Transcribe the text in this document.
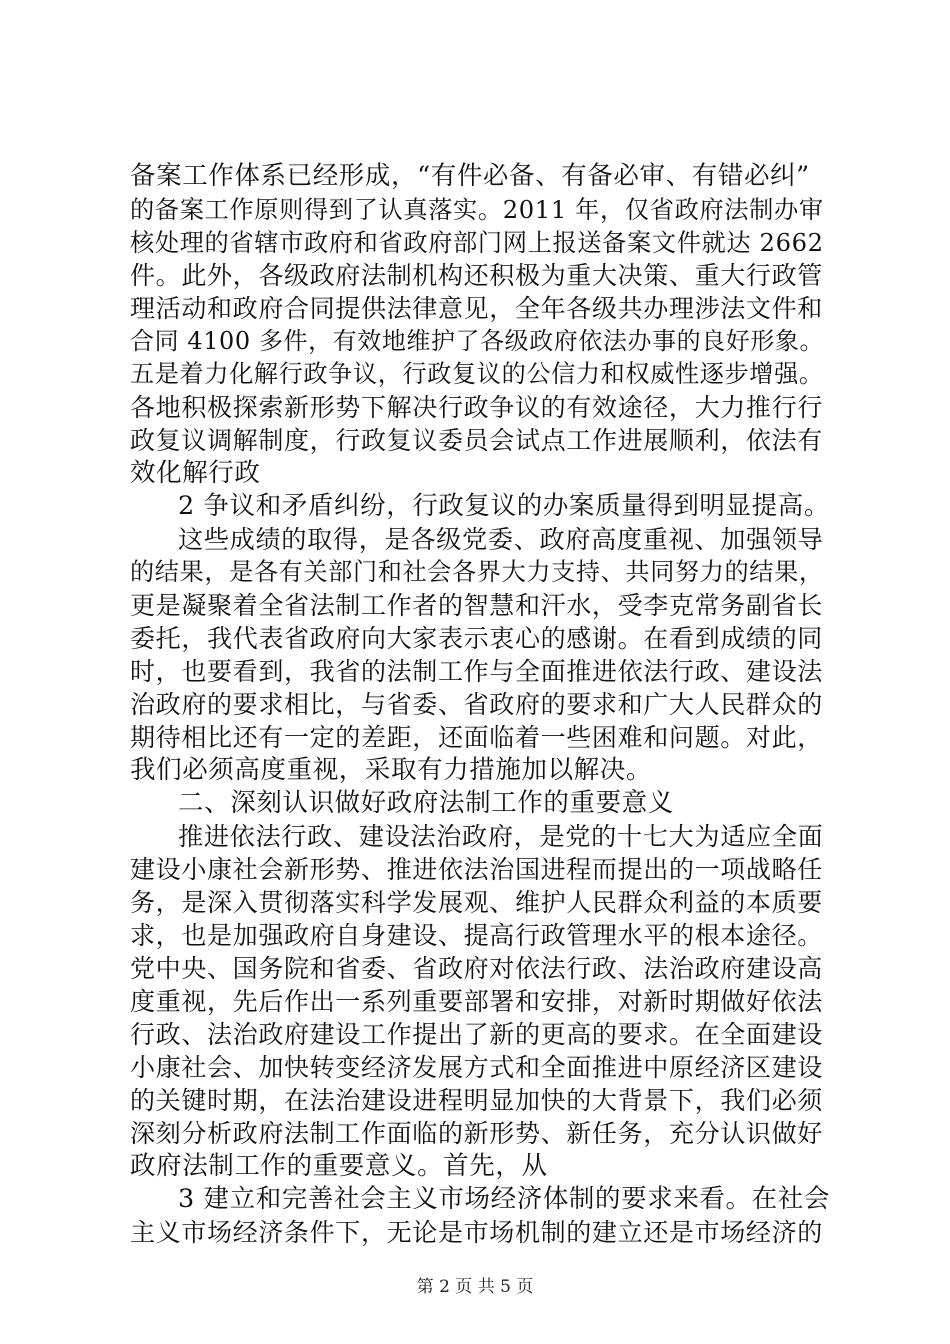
备案工作体系已经形成，“有件必备、有备必审、有错必纠”
的备案工作原则得到了认真落实。2011 年，仅省政府法制办审
核处理的省辖市政府和省政府部门网上报送备案文件就达 2662
件。此外，各级政府法制机构还积极为重大决策、重大行政管
理活动和政府合同提供法律意见，全年各级共办理涉法文件和
合同 4100 多件，有效地维护了各级政府依法办事的良好形象。
五是着力化解行政争议，行政复议的公信力和权威性逐步增强。
各地积极探索新形势下解决行政争议的有效途径，大力推行行
政复议调解制度，行政复议委员会试点工作进展顺利，依法有
效化解行政
2 争议和矛盾纠纷，行政复议的办案质量得到明显提高。
这些成绩的取得，是各级党委、政府高度重视、加强领导
的结果，是各有关部门和社会各界大力支持、共同努力的结果，
更是凝聚着全省法制工作者的智慧和汗水，受李克常务副省长
委托，我代表省政府向大家表示衷心的感谢。在看到成绩的同
时，也要看到，我省的法制工作与全面推进依法行政、建设法
治政府的要求相比，与省委、省政府的要求和广大人民群众的
期待相比还有一定的差距，还面临着一些困难和问题。对此，
我们必须高度重视，采取有力措施加以解决。
二、深刻认识做好政府法制工作的重要意义
推进依法行政、建设法治政府，是党的十七大为适应全面
建设小康社会新形势、推进依法治国进程而提出的一项战略任
务，是深入贯彻落实科学发展观、维护人民群众利益的本质要
求，也是加强政府自身建设、提高行政管理水平的根本途径。
党中央、国务院和省委、省政府对依法行政、法治政府建设高
度重视，先后作出一系列重要部署和安排，对新时期做好依法
行政、法治政府建设工作提出了新的更高的要求。在全面建设
小康社会、加快转变经济发展方式和全面推进中原经济区建设
的关键时期，在法治建设进程明显加快的大背景下，我们必须
深刻分析政府法制工作面临的新形势、新任务，充分认识做好
政府法制工作的重要意义。首先，从
3 建立和完善社会主义市场经济体制的要求来看。在社会
主义市场经济条件下，无论是市场机制的建立还是市场经济的
第 2 页 共 5 页
